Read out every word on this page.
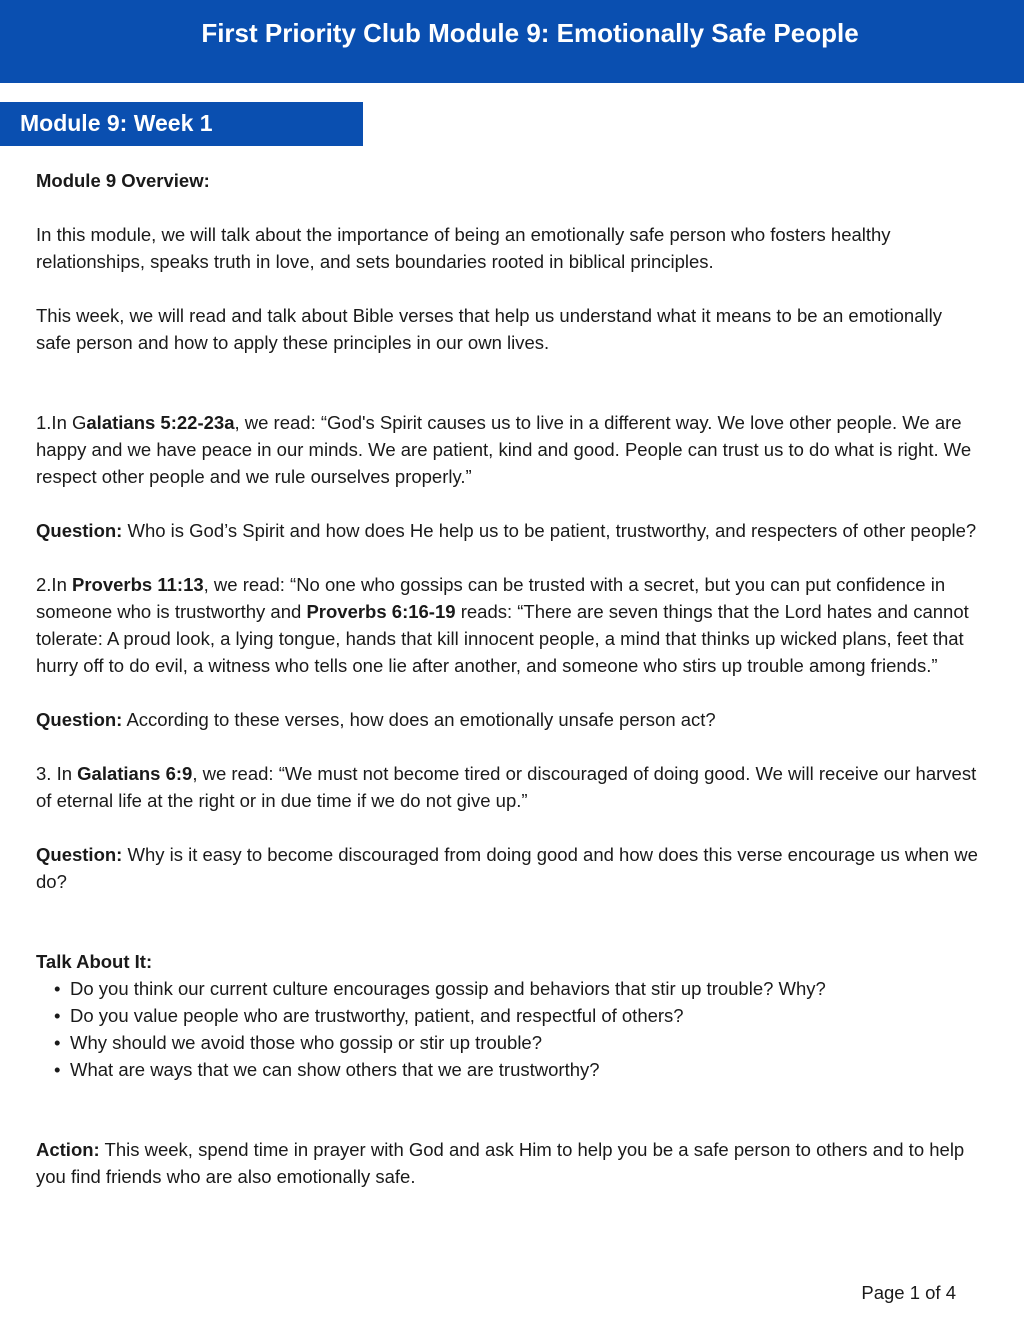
First Priority Club Module 9: Emotionally Safe People
Module 9: Week 1

Module 9 Overview:

In this module, we will talk about the importance of being an emotionally safe person who fosters healthy relationships, speaks truth in love, and sets boundaries rooted in biblical principles.

This week, we will read and talk about Bible verses that help us understand what it means to be an emotionally safe person and how to apply these principles in our own lives.

1.In Galatians 5:22-23a, we read: “God's Spirit causes us to live in a different way. We love other people. We are happy and we have peace in our minds. We are patient, kind and good. People can trust us to do what is right. We respect other people and we rule ourselves properly.”

Question: Who is God’s Spirit and how does He help us to be patient, trustworthy, and respecters of other people?

2.In Proverbs 11:13, we read: “No one who gossips can be trusted with a secret, but you can put confidence in someone who is trustworthy and Proverbs 6:16-19 reads: “There are seven things that the Lord hates and cannot tolerate: A proud look, a lying tongue, hands that kill innocent people, a mind that thinks up wicked plans, feet that hurry off to do evil, a witness who tells one lie after another, and someone who stirs up trouble among friends.”

Question: According to these verses, how does an emotionally unsafe person act?

3. In Galatians 6:9, we read: “We must not become tired or discouraged of doing good. We will receive our harvest of eternal life at the right or in due time if we do not give up.”

Question: Why is it easy to become discouraged from doing good and how does this verse encourage us when we do?

Talk About It:

• Do you think our current culture encourages gossip and behaviors that stir up trouble? Why?
• Do you value people who are trustworthy, patient, and respectful of others?
• Why should we avoid those who gossip or stir up trouble?
• What are ways that we can show others that we are trustworthy?

Action: This week, spend time in prayer with God and ask Him to help you be a safe person to others and to help you find friends who are also emotionally safe.

Page 1 of 4
